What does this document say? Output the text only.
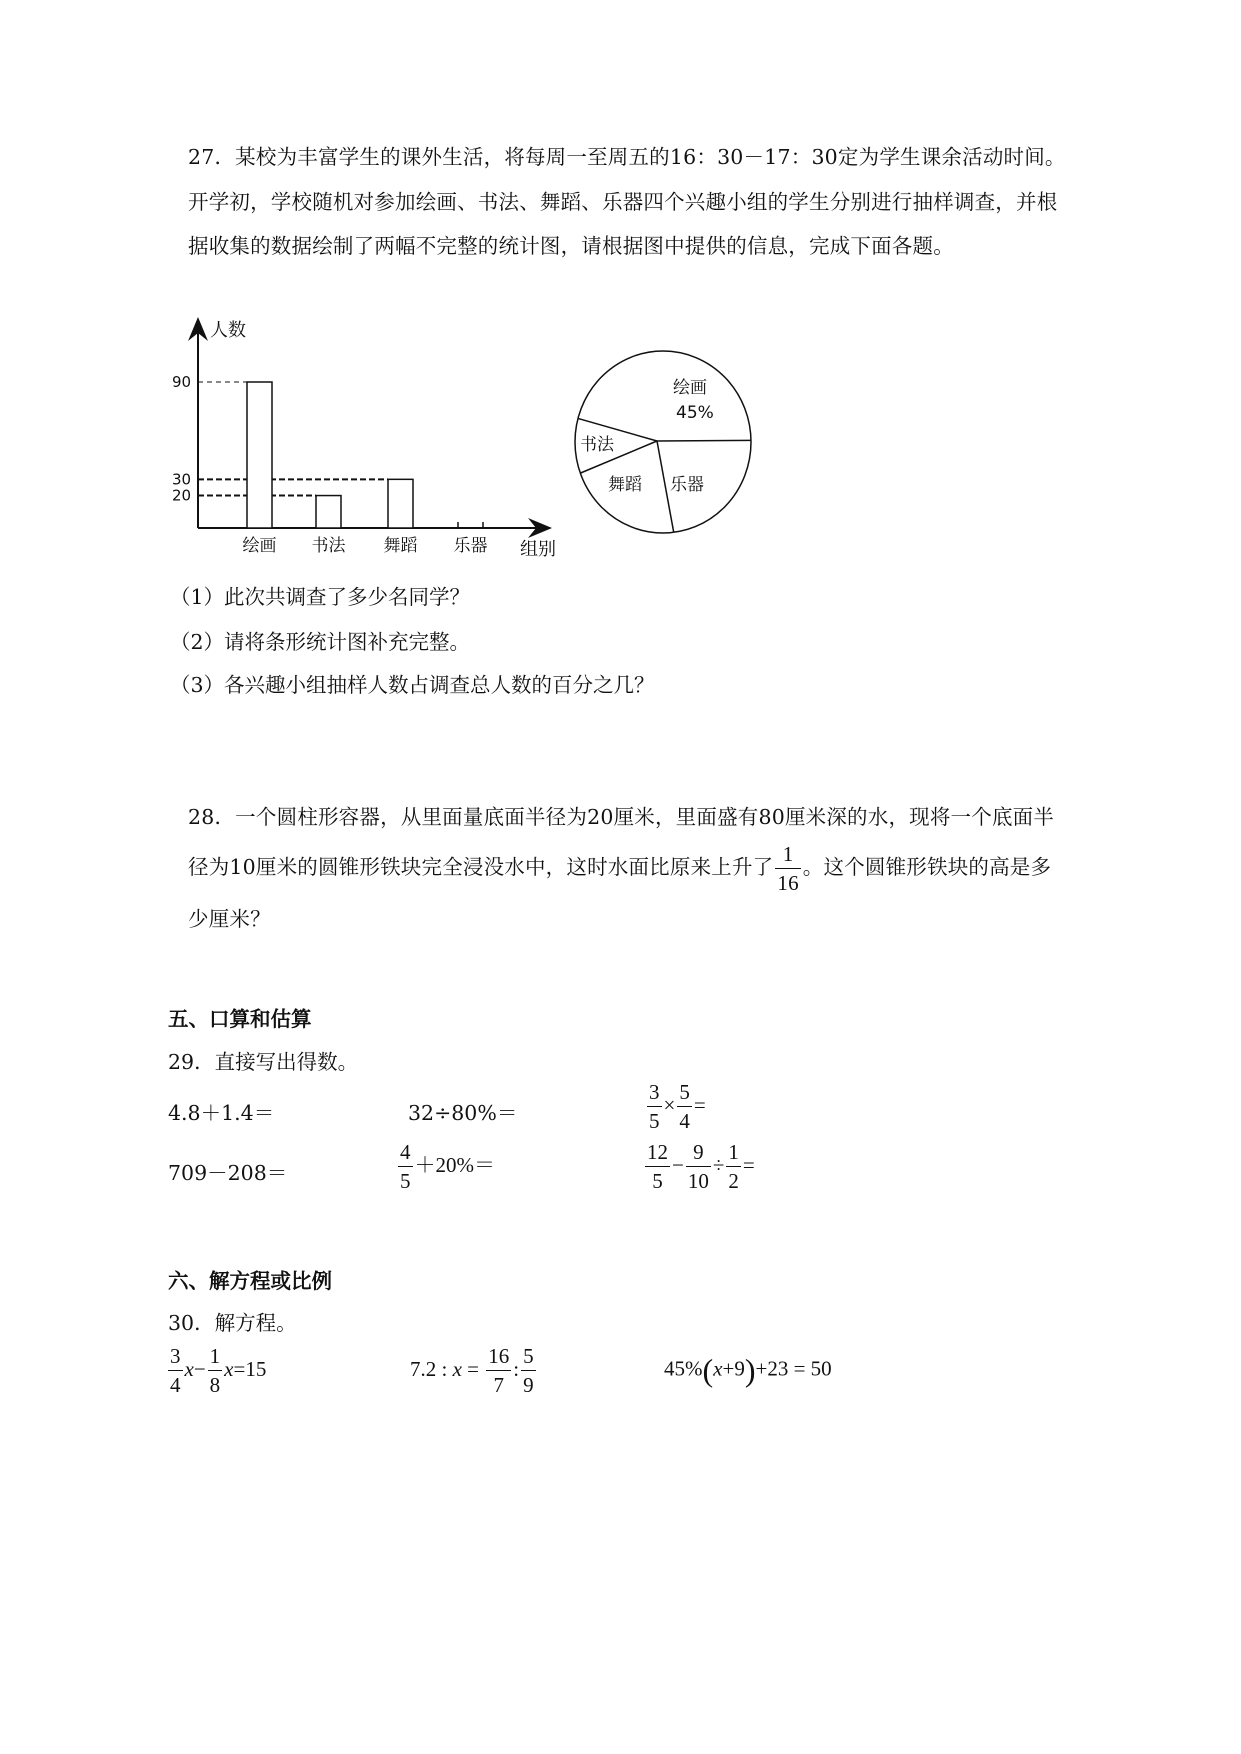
27．某校为丰富学生的课外生活，将每周一至周五的16：30－17：30定为学生课余活动时间。开学初，学校随机对参加绘画、书法、舞蹈、乐器四个兴趣小组的学生分别进行抽样调查，并根据收集的数据绘制了两幅不完整的统计图，请根据图中提供的信息，完成下面各题。
人数
组别
90
30
20
绘画 书法 舞蹈 乐器
绘画
45%
书法
舞蹈 乐器
（1）此次共调查了多少名同学？
（2）请将条形统计图补充完整。
（3）各兴趣小组抽样人数占调查总人数的百分之几？
28．一个圆柱形容器，从里面量底面半径为20厘米，里面盛有80厘米深的水，现将一个底面半径为10厘米的圆锥形铁块完全浸没水中，这时水面比原来上升了 $\frac{1}{16}$ 。这个圆锥形铁块的高是多少厘米？
五、口算和估算
29．直接写出得数。
4.8＋1.4＝	32÷80%＝	$\frac{3}{5} \times \frac{5}{4}$ =
709－208＝	$\frac{4}{5} +20\%=$	$\frac{12}{5} - \frac{9}{10} \div \frac{1}{2}$ =
六、解方程或比例
30．解方程。
$\frac{3}{4} x- \frac{1}{8} x=15$	7.2 : $x = \frac{16}{7}$ : $\frac{5}{9}$	45%(x+9)+23 = 50
